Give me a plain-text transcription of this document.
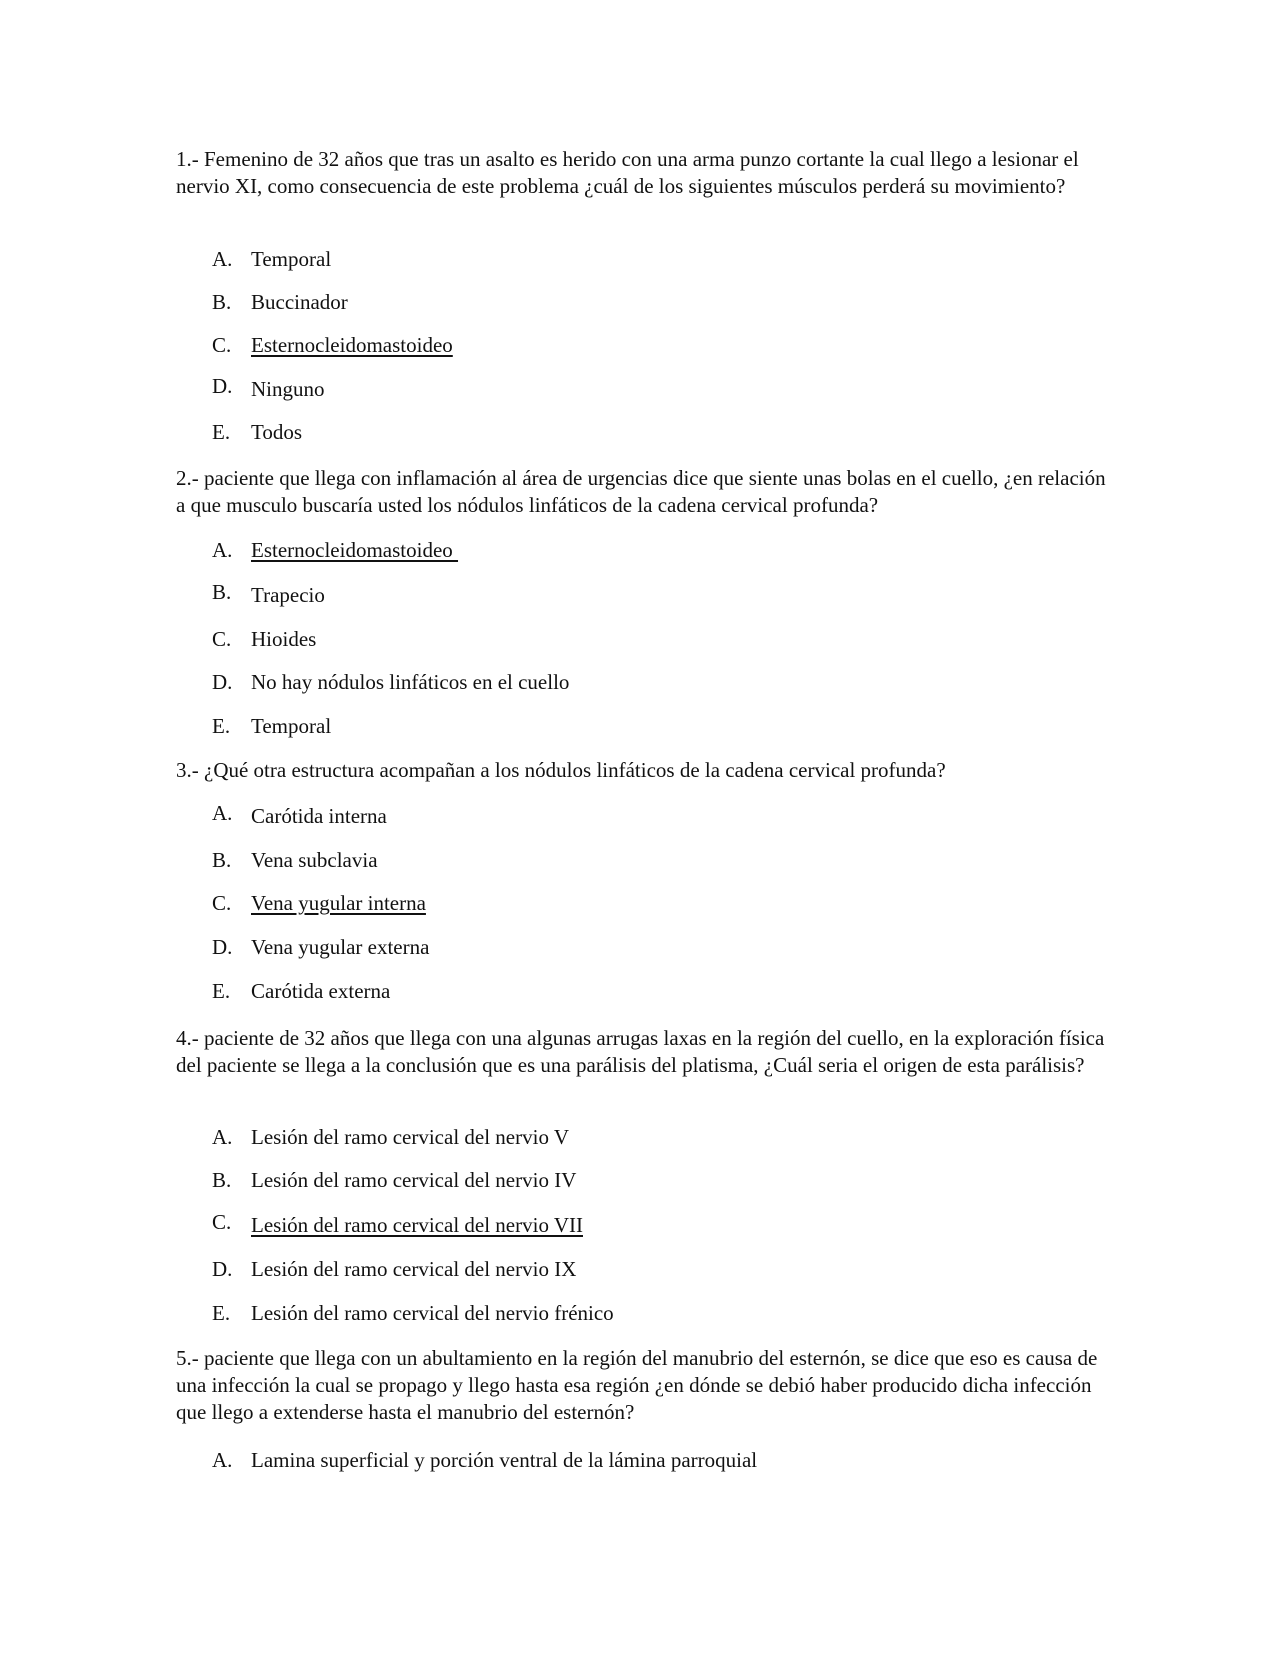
1.- Femenino de 32 años que tras un asalto es herido con una arma punzo cortante la cual llego a lesionar el nervio XI, como consecuencia de este problema ¿cuál de los siguientes músculos perderá su movimiento?

A. Temporal
B. Buccinador
C. Esternocleidomastoideo
D. Ninguno
E. Todos

2.- paciente que llega con inflamación al área de urgencias dice que siente unas bolas en el cuello, ¿en relación a que musculo buscaría usted los nódulos linfáticos de la cadena cervical profunda?

A. Esternocleidomastoideo
B. Trapecio
C. Hioides
D. No hay nódulos linfáticos en el cuello
E. Temporal

3.- ¿Qué otra estructura acompañan a los nódulos linfáticos de la cadena cervical profunda?

A. Carótida interna
B. Vena subclavia
C. Vena yugular interna
D. Vena yugular externa
E. Carótida externa

4.- paciente de 32 años que llega con una algunas arrugas laxas en la región del cuello, en la exploración física del paciente se llega a la conclusión que es una parálisis del platisma, ¿Cuál seria el origen de esta parálisis?

A. Lesión del ramo cervical del nervio V
B. Lesión del ramo cervical del nervio IV
C. Lesión del ramo cervical del nervio VII
D. Lesión del ramo cervical del nervio IX
E. Lesión del ramo cervical del nervio frénico

5.- paciente que llega con un abultamiento en la región del manubrio del esternón, se dice que eso es causa de una infección la cual se propago y llego hasta esa región ¿en dónde se debió haber producido dicha infección que llego a extenderse hasta el manubrio del esternón?

A. Lamina superficial y porción ventral de la lámina parroquial
